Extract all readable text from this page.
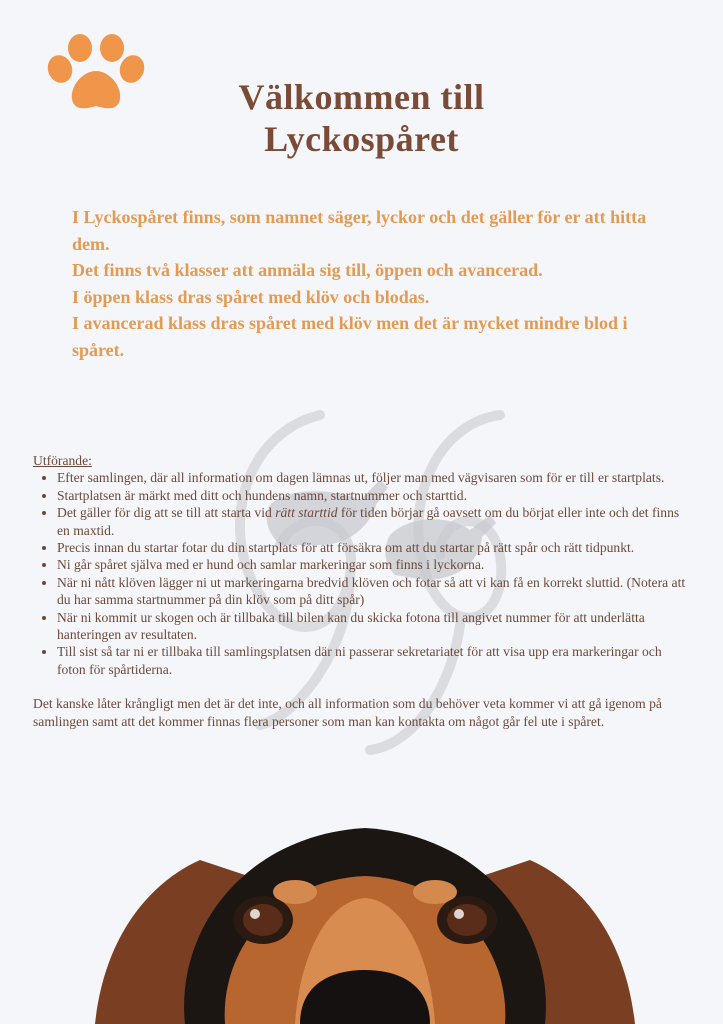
Välkommen till
Lyckospåret

I Lyckospåret finns, som namnet säger, lyckor och det gäller för er att hitta dem.

Det finns två klasser att anmäla sig till, öppen och avancerad.

I öppen klass dras spåret med klöv och blodas.

I avancerad klass dras spåret med klöv men det är mycket mindre blod i spåret.

Utförande:

• Efter samlingen, där all information om dagen lämnas ut, följer man med vägvisaren som för er till er startplats.
• Startplatsen är märkt med ditt och hundens namn, startnummer och starttid.
• Det gäller för dig att se till att starta vid rätt starttid för tiden börjar gå oavsett om du börjat eller inte och det finns en maxtid.
• Precis innan du startar fotar du din startplats för att försäkra om att du startar på rätt spår och rätt tidpunkt.
• Ni går spåret själva med er hund och samlar markeringar som finns i lyckorna.
• När ni nått klöven lägger ni ut markeringarna bredvid klöven och fotar så att vi kan få en korrekt sluttid. (Notera att du har samma startnummer på din klöv som på ditt spår)
• När ni kommit ur skogen och är tillbaka till bilen kan du skicka fotona till angivet nummer för att underlätta hanteringen av resultaten.
• Till sist så tar ni er tillbaka till samlingsplatsen där ni passerar sekretariatet för att visa upp era markeringar och foton för spårtiderna.

Det kanske låter krångligt men det är det inte, och all information som du behöver veta kommer vi att gå igenom på samlingen samt att det kommer finnas flera personer som man kan kontakta om något går fel ute i spåret.
